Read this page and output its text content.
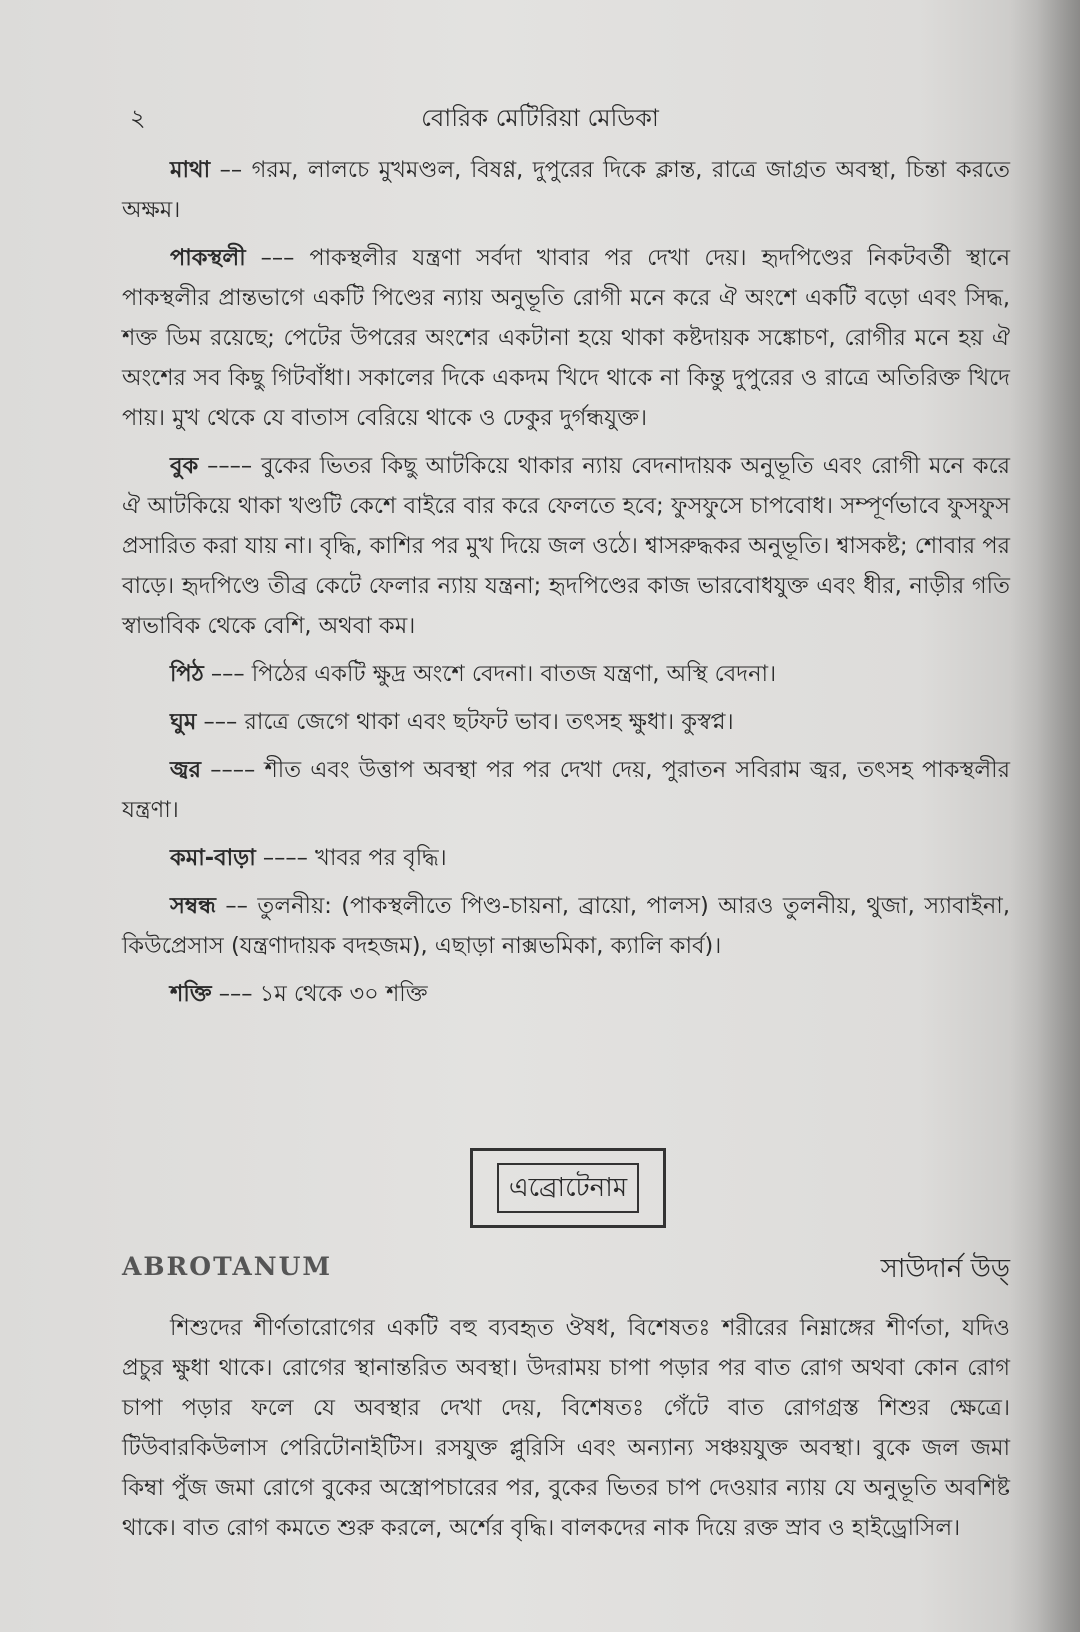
২	বোরিক মেটিরিয়া মেডিকা

মাথা –– গরম, লালচে মুখমণ্ডল, বিষণ্ণ, দুপুরের দিকে ক্লান্ত, রাত্রে জাগ্রত অবস্থা, চিন্তা করতে অক্ষম।

পাকস্থলী ––– পাকস্থলীর যন্ত্রণা সর্বদা খাবার পর দেখা দেয়। হৃদপিণ্ডের নিকটবর্তী স্থানে পাকস্থলীর প্রান্তভাগে একটি পিণ্ডের ন্যায় অনুভূতি রোগী মনে করে ঐ অংশে একটি বড়ো এবং সিদ্ধ, শক্ত ডিম রয়েছে; পেটের উপরের অংশের একটানা হয়ে থাকা কষ্টদায়ক সঙ্কোচণ, রোগীর মনে হয় ঐ অংশের সব কিছু গিটবাঁধা। সকালের দিকে একদম খিদে থাকে না কিন্তু দুপুরের ও রাত্রে অতিরিক্ত খিদে পায়। মুখ থেকে যে বাতাস বেরিয়ে থাকে ও ঢেকুর দুর্গন্ধযুক্ত।

বুক –––– বুকের ভিতর কিছু আটকিয়ে থাকার ন্যায় বেদনাদায়ক অনুভূতি এবং রোগী মনে করে ঐ আটকিয়ে থাকা খণ্ডটি কেশে বাইরে বার করে ফেলতে হবে; ফুসফুসে চাপবোধ। সম্পূর্ণভাবে ফুসফুস প্রসারিত করা যায় না। বৃদ্ধি, কাশির পর মুখ দিয়ে জল ওঠে। শ্বাসরুদ্ধকর অনুভূতি। শ্বাসকষ্ট; শোবার পর বাড়ে। হৃদপিণ্ডে তীব্র কেটে ফেলার ন্যায় যন্ত্রনা; হৃদপিণ্ডের কাজ ভারবোধযুক্ত এবং ধীর, নাড়ীর গতি স্বাভাবিক থেকে বেশি, অথবা কম।

পিঠ ––– পিঠের একটি ক্ষুদ্র অংশে বেদনা। বাতজ যন্ত্রণা, অস্থি বেদনা।

ঘুম ––– রাত্রে জেগে থাকা এবং ছটফট ভাব। তৎসহ ক্ষুধা। কুস্বপ্ন।

জ্বর –––– শীত এবং উত্তাপ অবস্থা পর পর দেখা দেয়, পুরাতন সবিরাম জ্বর, তৎসহ পাকস্থলীর যন্ত্রণা।

কমা-বাড়া –––– খাবর পর বৃদ্ধি।

সম্বন্ধ –– তুলনীয়: (পাকস্থলীতে পিণ্ড-চায়না, ব্রায়ো, পালস) আরও তুলনীয়, থুজা, স্যাবাইনা, কিউপ্রেসাস (যন্ত্রণাদায়ক বদহজম), এছাড়া নাক্সভমিকা, ক্যালি কার্ব)।

শক্তি ––– ১ম থেকে ৩০ শক্তি

এব্রোটেনাম
ABROTANUM	সাউদার্ন উড্

শিশুদের শীর্ণতারোগের একটি বহু ব্যবহৃত ঔষধ, বিশেষতঃ শরীরের নিম্নাঙ্গের শীর্ণতা, যদিও প্রচুর ক্ষুধা থাকে। রোগের স্থানান্তরিত অবস্থা। উদরাময় চাপা পড়ার পর বাত রোগ অথবা কোন রোগ চাপা পড়ার ফলে যে অবস্থার দেখা দেয়, বিশেষতঃ গেঁটে বাত রোগগ্রস্ত শিশুর ক্ষেত্রে। টিউবারকিউলাস পেরিটোনাইটিস। রসযুক্ত প্লুরিসি এবং অন্যান্য সঞ্চয়যুক্ত অবস্থা। বুকে জল জমা কিম্বা পুঁজ জমা রোগে বুকের অস্ত্রোপচারের পর, বুকের ভিতর চাপ দেওয়ার ন্যায় যে অনুভূতি অবশিষ্ট থাকে। বাত রোগ কমতে শুরু করলে, অর্শের বৃদ্ধি। বালকদের নাক দিয়ে রক্ত স্রাব ও হাইড্রোসিল।
